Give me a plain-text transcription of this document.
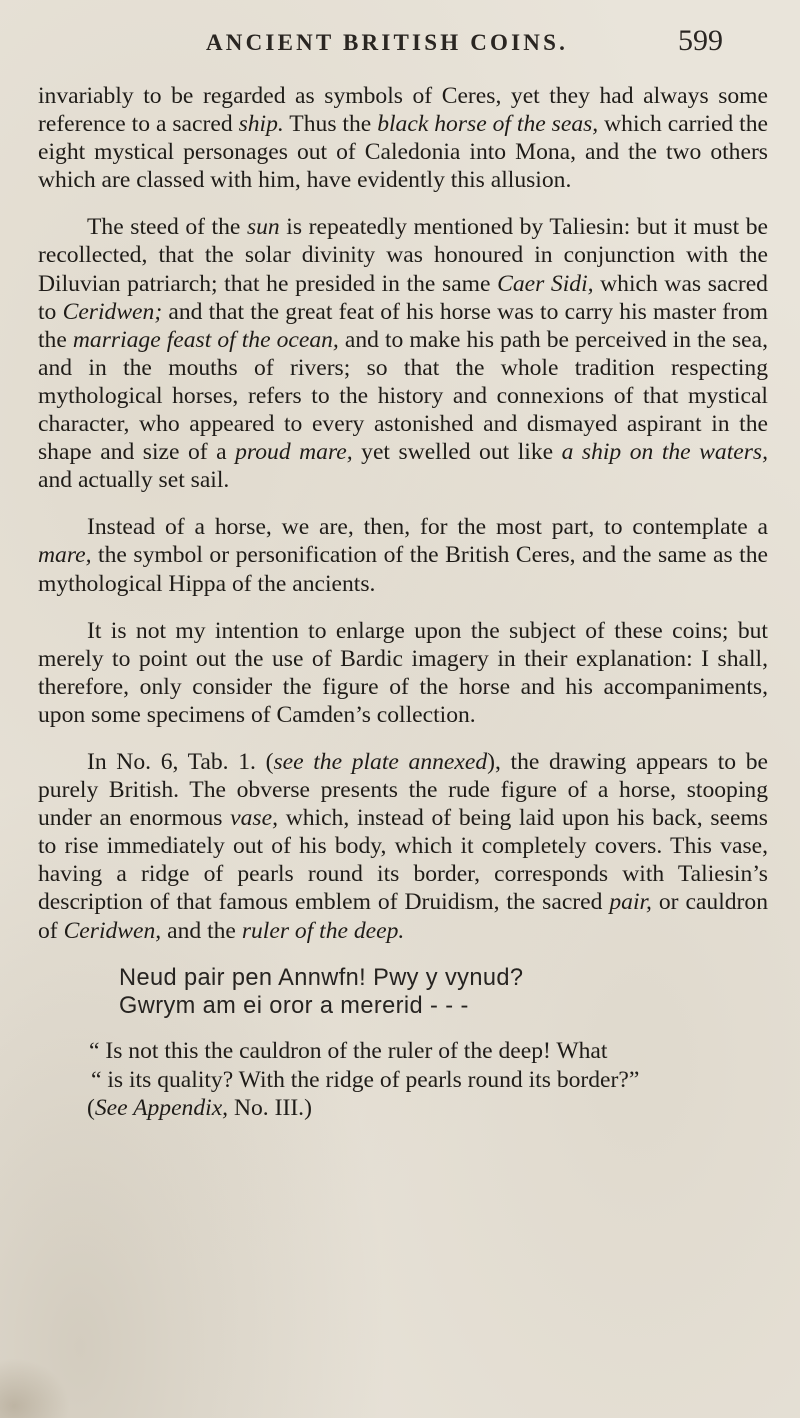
ANCIENT BRITISH COINS.	599

invariably to be regarded as symbols of Ceres, yet they had always some reference to a sacred ship. Thus the black horse of the seas, which carried the eight mystical personages out of Caledonia into Mona, and the two others which are classed with him, have evidently this allusion.

The steed of the sun is repeatedly mentioned by Taliesin: but it must be recollected, that the solar divinity was honoured in conjunction with the Diluvian patriarch; that he presided in the same Caer Sidi, which was sacred to Ceridwen; and that the great feat of his horse was to carry his master from the marriage feast of the ocean, and to make his path be perceived in the sea, and in the mouths of rivers; so that the whole tradition respecting mythological horses, refers to the history and connexions of that mystical character, who appeared to every astonished and dismayed aspirant in the shape and size of a proud mare, yet swelled out like a ship on the waters, and actually set sail.

Instead of a horse, we are, then, for the most part, to contemplate a mare, the symbol or personification of the British Ceres, and the same as the mythological Hippa of the ancients.

It is not my intention to enlarge upon the subject of these coins; but merely to point out the use of Bardic imagery in their explanation: I shall, therefore, only consider the figure of the horse and his accompaniments, upon some specimens of Camden’s collection.

In No. 6, Tab. 1. (see the plate annexed), the drawing appears to be purely British. The obverse presents the rude figure of a horse, stooping under an enormous vase, which, instead of being laid upon his back, seems to rise immediately out of his body, which it completely covers. This vase, having a ridge of pearls round its border, corresponds with Taliesin’s description of that famous emblem of Druidism, the sacred pair, or cauldron of Ceridwen, and the ruler of the deep.

Neud pair pen Annwfn! Pwy y vynud?
Gwrym am ei oror a mererid - - -
“ Is not this the cauldron of the ruler of the deep! What
“ is its quality? With the ridge of pearls round its border?”
(See Appendix, No. III.)
